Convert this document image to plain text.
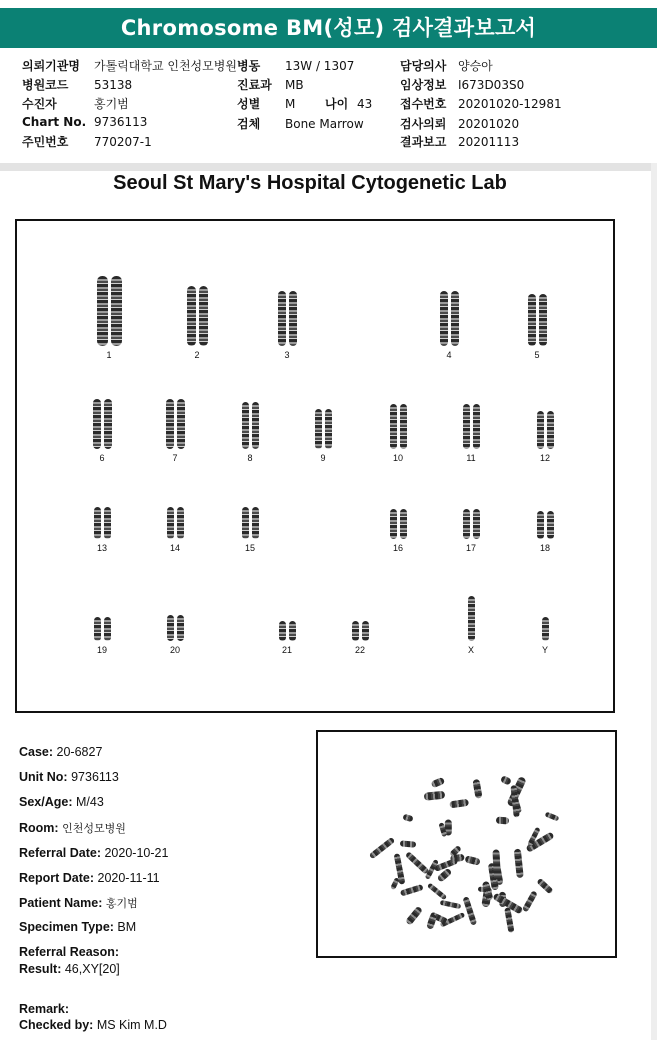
Chromosome BM(성모) 검사결과보고서
의뢰기관명 가톨릭대학교 인천성모병원
병원코드 53138
수진자	홍기범
Chart No. 9736113
주민번호 770207-1
병동 13W / 1307
진료과 MB
성별 M 나이 43
검체 Bone Marrow
담당의사 양승아
임상정보 I673D03S0
접수번호 20201020-12981
검사의뢰 20201020
결과보고 20201113
Seoul St Mary's Hospital Cytogenetic Lab
1	2	3	4	5
6	7	8	9	10	11	12
13	14	15	16	17	18
19	20	21	22	X	Y
Case: 20-6827
Unit No: 9736113
Sex/Age: M/43
Room: 인천성모병원
Referral Date: 2020-10-21
Report Date: 2020-11-11
Patient Name: 홍기범
Specimen Type: BM
Referral Reason:
Result: 46,XY[20]
Remark:
Checked by: MS Kim M.D
